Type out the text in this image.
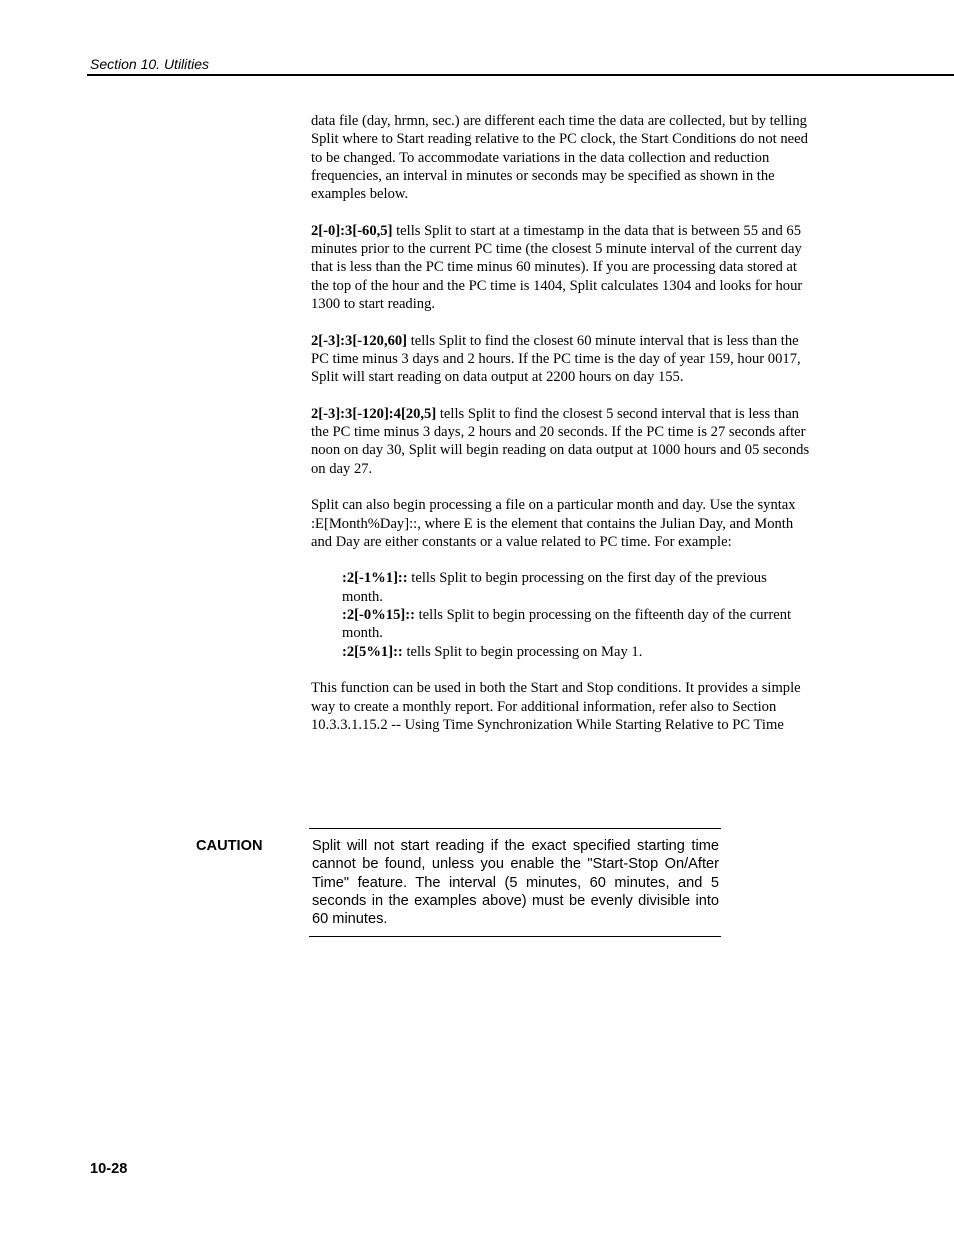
Section 10. Utilities

data file (day, hrmn, sec.) are different each time the data are collected, but by telling Split where to Start reading relative to the PC clock, the Start Conditions do not need to be changed. To accommodate variations in the data collection and reduction frequencies, an interval in minutes or seconds may be specified as shown in the examples below.

2[-0]:3[-60,5] tells Split to start at a timestamp in the data that is between 55 and 65 minutes prior to the current PC time (the closest 5 minute interval of the current day that is less than the PC time minus 60 minutes). If you are processing data stored at the top of the hour and the PC time is 1404, Split calculates 1304 and looks for hour 1300 to start reading.

2[-3]:3[-120,60] tells Split to find the closest 60 minute interval that is less than the PC time minus 3 days and 2 hours. If the PC time is the day of year 159, hour 0017, Split will start reading on data output at 2200 hours on day 155.

2[-3]:3[-120]:4[20,5] tells Split to find the closest 5 second interval that is less than the PC time minus 3 days, 2 hours and 20 seconds. If the PC time is 27 seconds after noon on day 30, Split will begin reading on data output at 1000 hours and 05 seconds on day 27.

Split can also begin processing a file on a particular month and day. Use the syntax :E[Month%Day]::, where E is the element that contains the Julian Day, and Month and Day are either constants or a value related to PC time. For example:

:2[-1%1]:: tells Split to begin processing on the first day of the previous month.

:2[-0%15]:: tells Split to begin processing on the fifteenth day of the current month.

:2[5%1]:: tells Split to begin processing on May 1.

This function can be used in both the Start and Stop conditions. It provides a simple way to create a monthly report. For additional information, refer also to Section 10.3.3.1.15.2 -- Using Time Synchronization While Starting Relative to PC Time

CAUTION	Split will not start reading if the exact specified starting time cannot be found, unless you enable the "Start-Stop On/After Time" feature. The interval (5 minutes, 60 minutes, and 5 seconds in the examples above) must be evenly divisible into 60 minutes.
10-28
